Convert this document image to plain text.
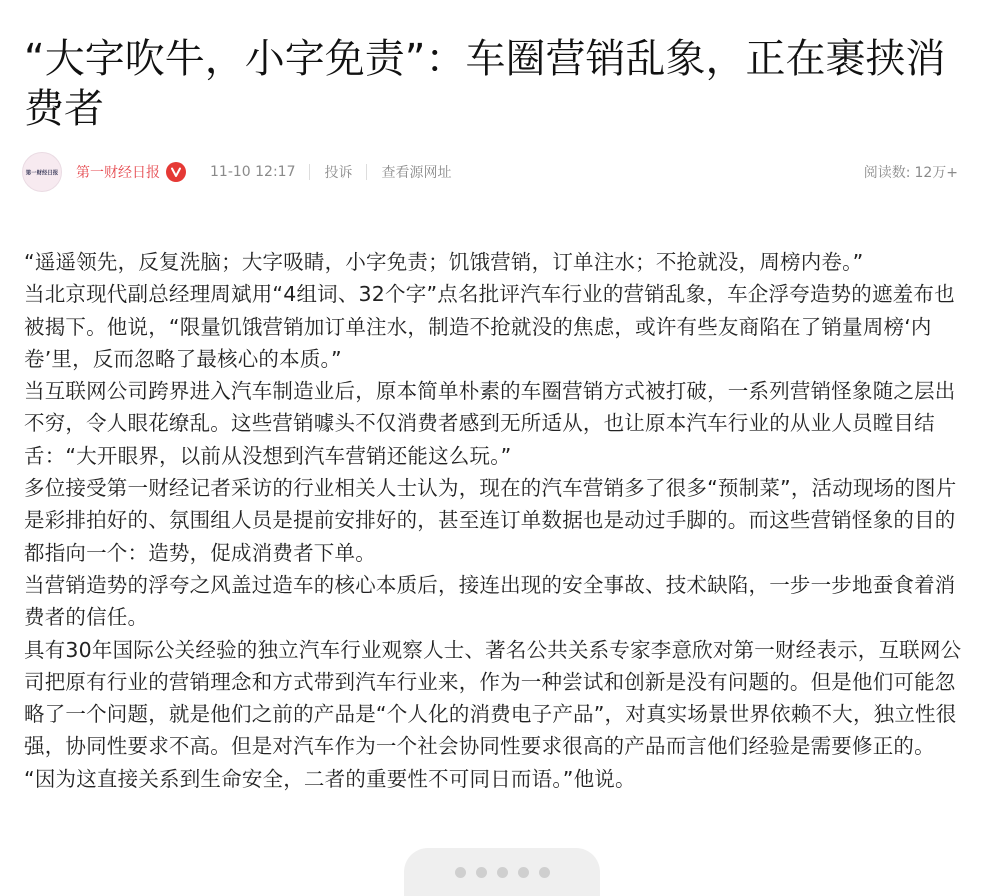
“大字吹牛，小字免责”：车圈营销乱象，正在裹挟消费者
第一财经日报 第一财经日报	11-10 12:17 投诉 查看源网址	阅读数: 12万+

“遥遥领先，反复洗脑；大字吸睛，小字免责；饥饿营销，订单注水；不抢就没，周榜内卷。”

当北京现代副总经理周斌用“4组词、32个字”点名批评汽车行业的营销乱象，车企浮夸造势的遮羞布也被揭下。他说，“限量饥饿营销加订单注水，制造不抢就没的焦虑，或许有些友商陷在了销量周榜‘内卷’里，反而忽略了最核心的本质。”

当互联网公司跨界进入汽车制造业后，原本简单朴素的车圈营销方式被打破，一系列营销怪象随之层出不穷，令人眼花缭乱。这些营销噱头不仅消费者感到无所适从，也让原本汽车行业的从业人员瞠目结舌：“大开眼界，以前从没想到汽车营销还能这么玩。”

多位接受第一财经记者采访的行业相关人士认为，现在的汽车营销多了很多“预制菜”，活动现场的图片是彩排拍好的、氛围组人员是提前安排好的，甚至连订单数据也是动过手脚的。而这些营销怪象的目的都指向一个：造势，促成消费者下单。

当营销造势的浮夸之风盖过造车的核心本质后，接连出现的安全事故、技术缺陷，一步一步地蚕食着消费者的信任。

具有30年国际公关经验的独立汽车行业观察人士、著名公共关系专家李意欣对第一财经表示，互联网公司把原有行业的营销理念和方式带到汽车行业来，作为一种尝试和创新是没有问题的。但是他们可能忽略了一个问题，就是他们之前的产品是“个人化的消费电子产品”，对真实场景世界依赖不大，独立性很强，协同性要求不高。但是对汽车作为一个社会协同性要求很高的产品而言他们经验是需要修正的。

“因为这直接关系到生命安全，二者的重要性不可同日而语。”他说。
